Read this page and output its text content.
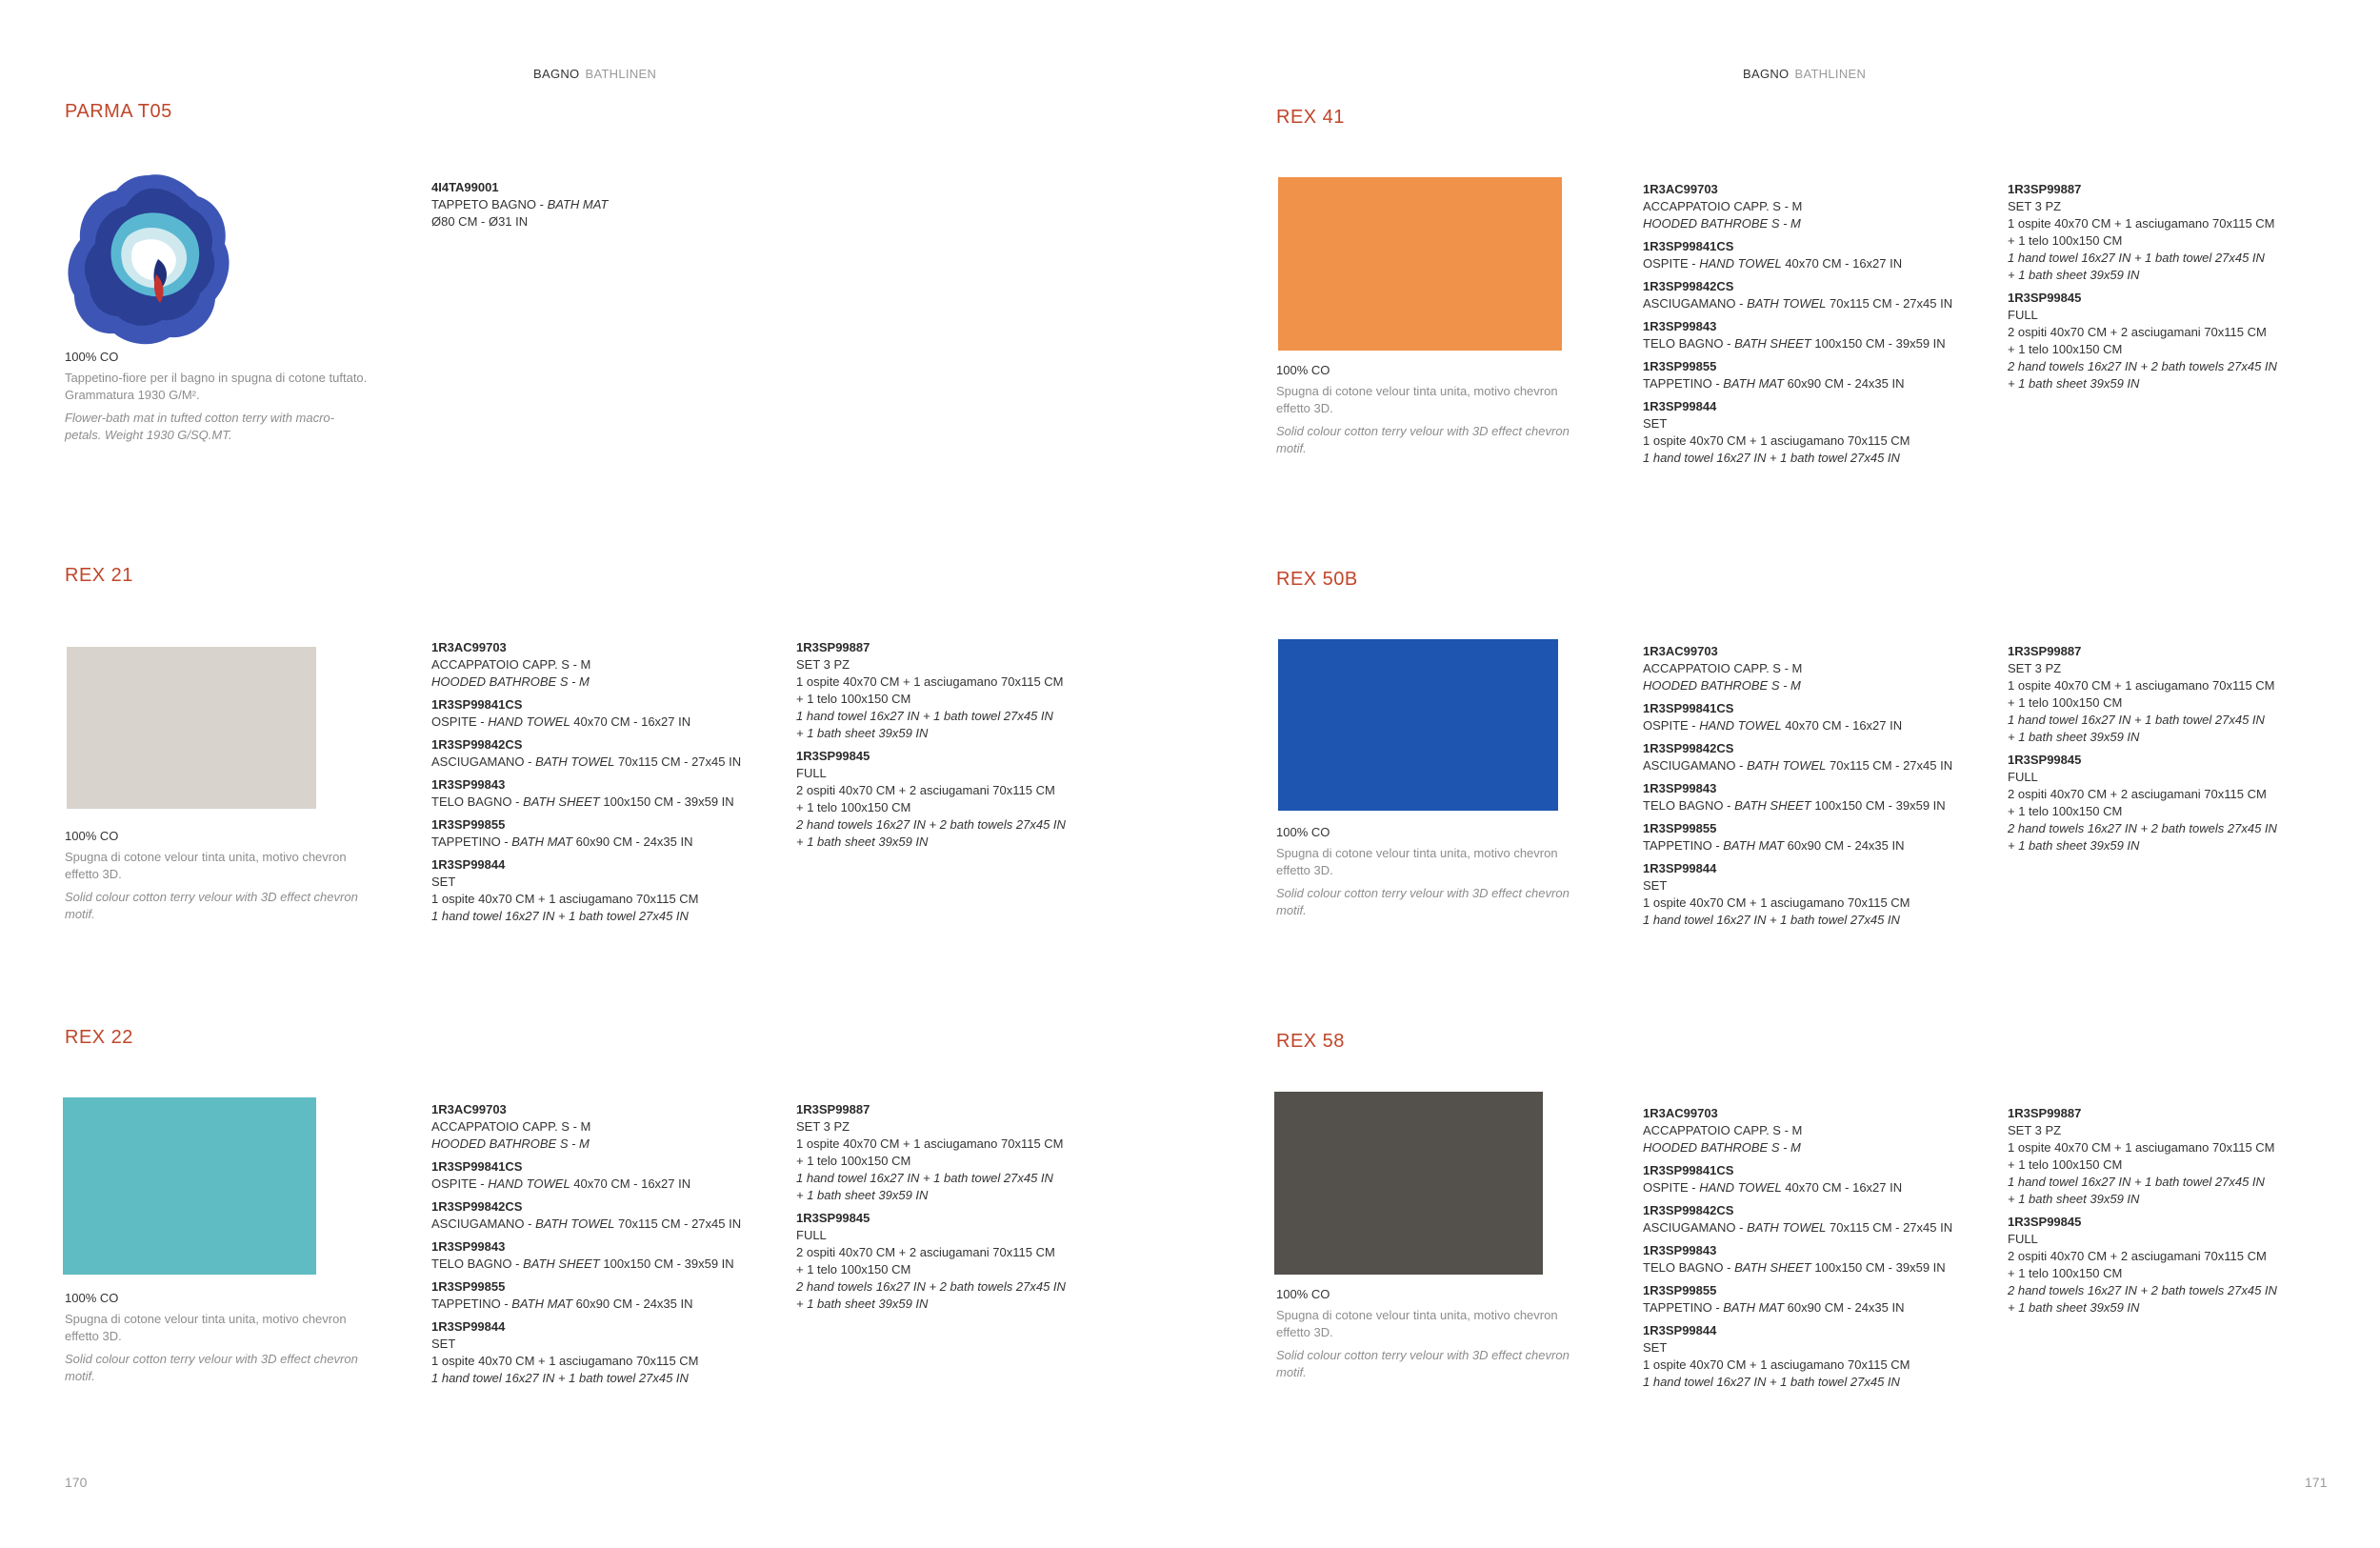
BAGNO BATHLINEN
PARMA T05
100% CO
Tappetino-fiore per il bagno in spugna di cotone tuftato. Grammatura 1930 G/M².
Flower-bath mat in tufted cotton terry with macro-petals. Weight 1930 G/SQ.MT.
4I4TA99001
TAPPETO BAGNO - BATH MAT
Ø80 CM - Ø31 IN
REX 21
100% CO
Spugna di cotone velour tinta unita, motivo chevron effetto 3D.
Solid colour cotton terry velour with 3D effect chevron motif.
1R3AC99703
ACCAPPATOIO CAPP. S - M
HOODED BATHROBE S - M
1R3SP99841CS
OSPITE - HAND TOWEL 40x70 CM - 16x27 IN
1R3SP99842CS
ASCIUGAMANO - BATH TOWEL 70x115 CM - 27x45 IN
1R3SP99843
TELO BAGNO - BATH SHEET 100x150 CM - 39x59 IN
1R3SP99855
TAPPETINO - BATH MAT 60x90 CM - 24x35 IN
1R3SP99844
SET
1 ospite 40x70 CM + 1 asciugamano 70x115 CM
1 hand towel 16x27 IN + 1 bath towel 27x45 IN
1R3SP99887
SET 3 PZ
1 ospite 40x70 CM + 1 asciugamano 70x115 CM
+ 1 telo 100x150 CM
1 hand towel 16x27 IN + 1 bath towel 27x45 IN
+ 1 bath sheet 39x59 IN
1R3SP99845
FULL
2 ospiti 40x70 CM + 2 asciugamani 70x115 CM
+ 1 telo 100x150 CM
2 hand towels 16x27 IN + 2 bath towels 27x45 IN
+ 1 bath sheet 39x59 IN
REX 22
100% CO
Spugna di cotone velour tinta unita, motivo chevron effetto 3D.
Solid colour cotton terry velour with 3D effect chevron motif.
1R3AC99703
ACCAPPATOIO CAPP. S - M
HOODED BATHROBE S - M
1R3SP99841CS
OSPITE - HAND TOWEL 40x70 CM - 16x27 IN
1R3SP99842CS
ASCIUGAMANO - BATH TOWEL 70x115 CM - 27x45 IN
1R3SP99843
TELO BAGNO - BATH SHEET 100x150 CM - 39x59 IN
1R3SP99855
TAPPETINO - BATH MAT 60x90 CM - 24x35 IN
1R3SP99844
SET
1 ospite 40x70 CM + 1 asciugamano 70x115 CM
1 hand towel 16x27 IN + 1 bath towel 27x45 IN
1R3SP99887
SET 3 PZ
1 ospite 40x70 CM + 1 asciugamano 70x115 CM
+ 1 telo 100x150 CM
1 hand towel 16x27 IN + 1 bath towel 27x45 IN
+ 1 bath sheet 39x59 IN
1R3SP99845
FULL
2 ospiti 40x70 CM + 2 asciugamani 70x115 CM
+ 1 telo 100x150 CM
2 hand towels 16x27 IN + 2 bath towels 27x45 IN
+ 1 bath sheet 39x59 IN
170
BAGNO BATHLINEN
REX 41
100% CO
Spugna di cotone velour tinta unita, motivo chevron effetto 3D.
Solid colour cotton terry velour with 3D effect chevron motif.
1R3AC99703
ACCAPPATOIO CAPP. S - M
HOODED BATHROBE S - M
1R3SP99841CS
OSPITE - HAND TOWEL 40x70 CM - 16x27 IN
1R3SP99842CS
ASCIUGAMANO - BATH TOWEL 70x115 CM - 27x45 IN
1R3SP99843
TELO BAGNO - BATH SHEET 100x150 CM - 39x59 IN
1R3SP99855
TAPPETINO - BATH MAT 60x90 CM - 24x35 IN
1R3SP99844
SET
1 ospite 40x70 CM + 1 asciugamano 70x115 CM
1 hand towel 16x27 IN + 1 bath towel 27x45 IN
1R3SP99887
SET 3 PZ
1 ospite 40x70 CM + 1 asciugamano 70x115 CM
+ 1 telo 100x150 CM
1 hand towel 16x27 IN + 1 bath towel 27x45 IN
+ 1 bath sheet 39x59 IN
1R3SP99845
FULL
2 ospiti 40x70 CM + 2 asciugamani 70x115 CM
+ 1 telo 100x150 CM
2 hand towels 16x27 IN + 2 bath towels 27x45 IN
+ 1 bath sheet 39x59 IN
REX 50B
100% CO
Spugna di cotone velour tinta unita, motivo chevron effetto 3D.
Solid colour cotton terry velour with 3D effect chevron motif.
1R3AC99703
ACCAPPATOIO CAPP. S - M
HOODED BATHROBE S - M
1R3SP99841CS
OSPITE - HAND TOWEL 40x70 CM - 16x27 IN
1R3SP99842CS
ASCIUGAMANO - BATH TOWEL 70x115 CM - 27x45 IN
1R3SP99843
TELO BAGNO - BATH SHEET 100x150 CM - 39x59 IN
1R3SP99855
TAPPETINO - BATH MAT 60x90 CM - 24x35 IN
1R3SP99844
SET
1 ospite 40x70 CM + 1 asciugamano 70x115 CM
1 hand towel 16x27 IN + 1 bath towel 27x45 IN
1R3SP99887
SET 3 PZ
1 ospite 40x70 CM + 1 asciugamano 70x115 CM
+ 1 telo 100x150 CM
1 hand towel 16x27 IN + 1 bath towel 27x45 IN
+ 1 bath sheet 39x59 IN
1R3SP99845
FULL
2 ospiti 40x70 CM + 2 asciugamani 70x115 CM
+ 1 telo 100x150 CM
2 hand towels 16x27 IN + 2 bath towels 27x45 IN
+ 1 bath sheet 39x59 IN
REX 58
100% CO
Spugna di cotone velour tinta unita, motivo chevron effetto 3D.
Solid colour cotton terry velour with 3D effect chevron motif.
1R3AC99703
ACCAPPATOIO CAPP. S - M
HOODED BATHROBE S - M
1R3SP99841CS
OSPITE - HAND TOWEL 40x70 CM - 16x27 IN
1R3SP99842CS
ASCIUGAMANO - BATH TOWEL 70x115 CM - 27x45 IN
1R3SP99843
TELO BAGNO - BATH SHEET 100x150 CM - 39x59 IN
1R3SP99855
TAPPETINO - BATH MAT 60x90 CM - 24x35 IN
1R3SP99844
SET
1 ospite 40x70 CM + 1 asciugamano 70x115 CM
1 hand towel 16x27 IN + 1 bath towel 27x45 IN
1R3SP99887
SET 3 PZ
1 ospite 40x70 CM + 1 asciugamano 70x115 CM
+ 1 telo 100x150 CM
1 hand towel 16x27 IN + 1 bath towel 27x45 IN
+ 1 bath sheet 39x59 IN
1R3SP99845
FULL
2 ospiti 40x70 CM + 2 asciugamani 70x115 CM
+ 1 telo 100x150 CM
2 hand towels 16x27 IN + 2 bath towels 27x45 IN
+ 1 bath sheet 39x59 IN
171
